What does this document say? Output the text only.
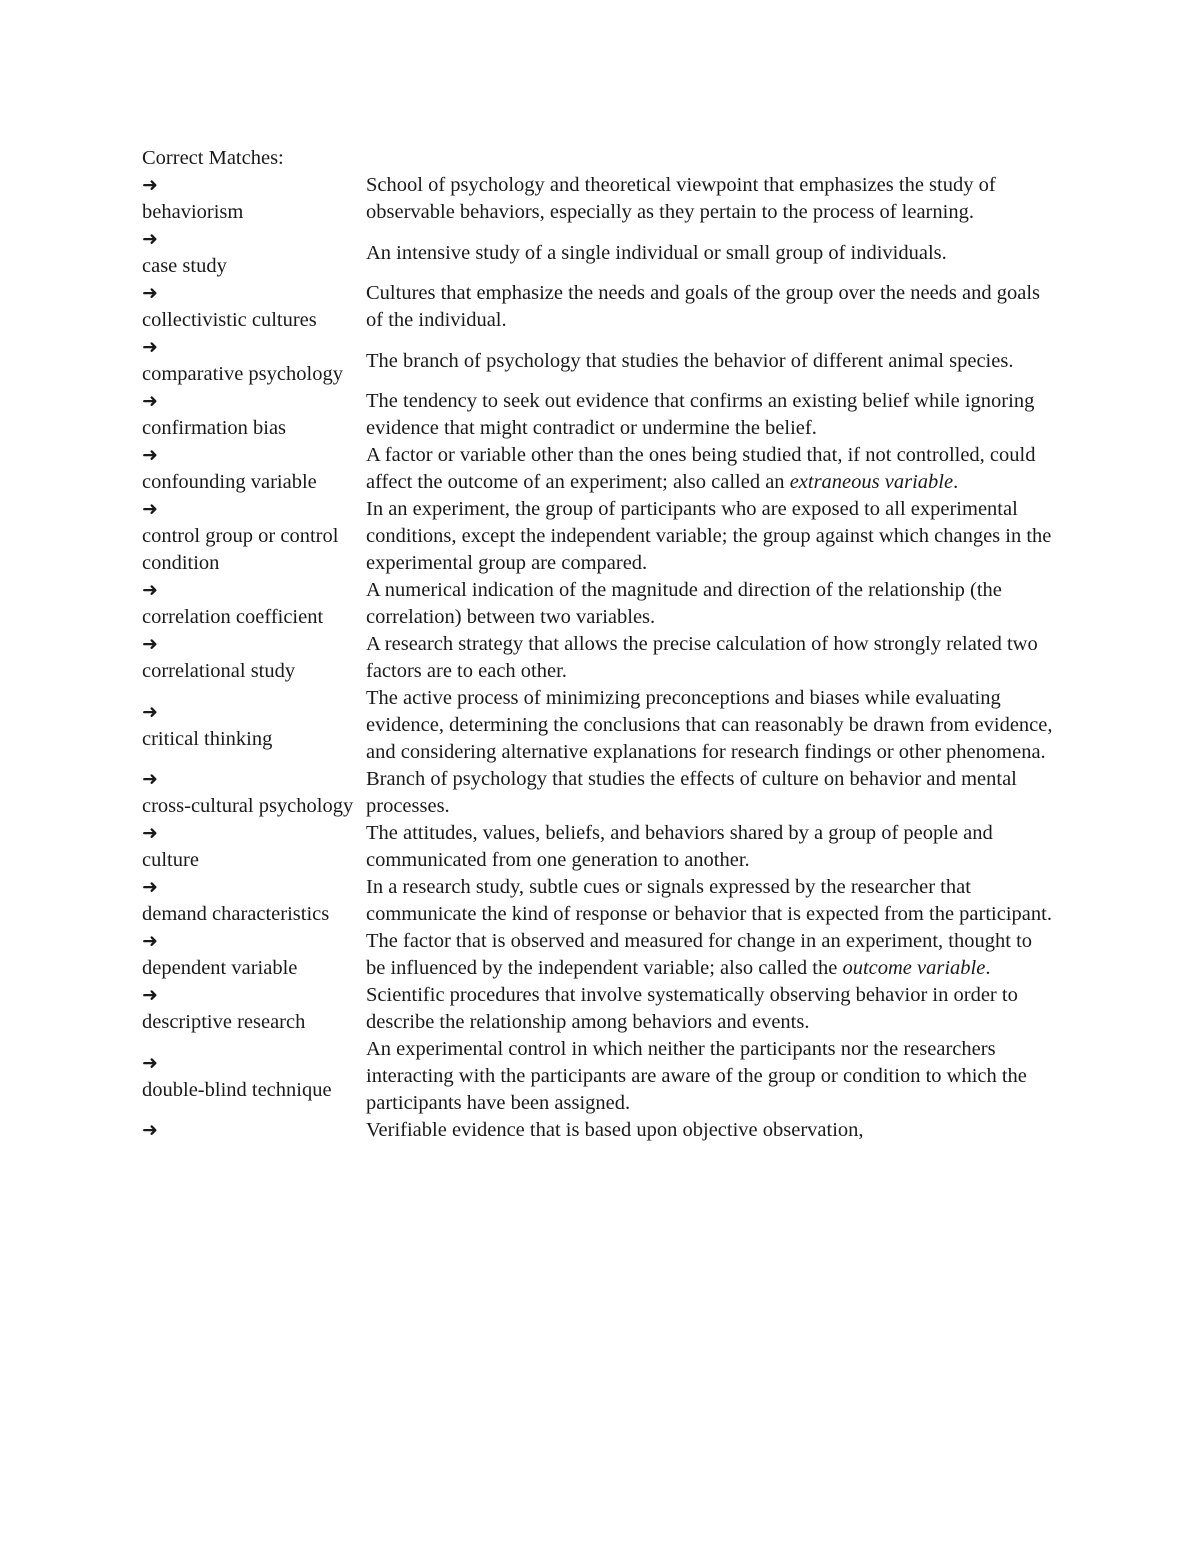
Correct Matches:

➜
behaviorism	School of psychology and theoretical viewpoint that emphasizes the study of observable behaviors, especially as they pertain to the process of learning.

➜
case study	An intensive study of a single individual or small group of individuals.

➜
collectivistic cultures	Cultures that emphasize the needs and goals of the group over the needs and goals of the individual.

➜
comparative psychology	The branch of psychology that studies the behavior of different animal species.

➜
confirmation bias	The tendency to seek out evidence that confirms an existing belief while ignoring evidence that might contradict or undermine the belief.

➜
confounding variable	A factor or variable other than the ones being studied that, if not controlled, could affect the outcome of an experiment; also called an extraneous variable.

➜
control group or control condition	In an experiment, the group of participants who are exposed to all experimental conditions, except the independent variable; the group against which changes in the experimental group are compared.

➜
correlation coefficient	A numerical indication of the magnitude and direction of the relationship (the correlation) between two variables.

➜
correlational study	A research strategy that allows the precise calculation of how strongly related two factors are to each other.

➜
critical thinking	The active process of minimizing preconceptions and biases while evaluating evidence, determining the conclusions that can reasonably be drawn from evidence, and considering alternative explanations for research findings or other phenomena.

➜
cross-cultural psychology	Branch of psychology that studies the effects of culture on behavior and mental processes.

➜
culture	The attitudes, values, beliefs, and behaviors shared by a group of people and communicated from one generation to another.

➜
demand characteristics	In a research study, subtle cues or signals expressed by the researcher that communicate the kind of response or behavior that is expected from the participant.

➜
dependent variable	The factor that is observed and measured for change in an experiment, thought to be influenced by the independent variable; also called the outcome variable.

➜
descriptive research	Scientific procedures that involve systematically observing behavior in order to describe the relationship among behaviors and events.

➜
double-blind technique	An experimental control in which neither the participants nor the researchers interacting with the participants are aware of the group or condition to which the participants have been assigned.

➜	Verifiable evidence that is based upon objective observation,
